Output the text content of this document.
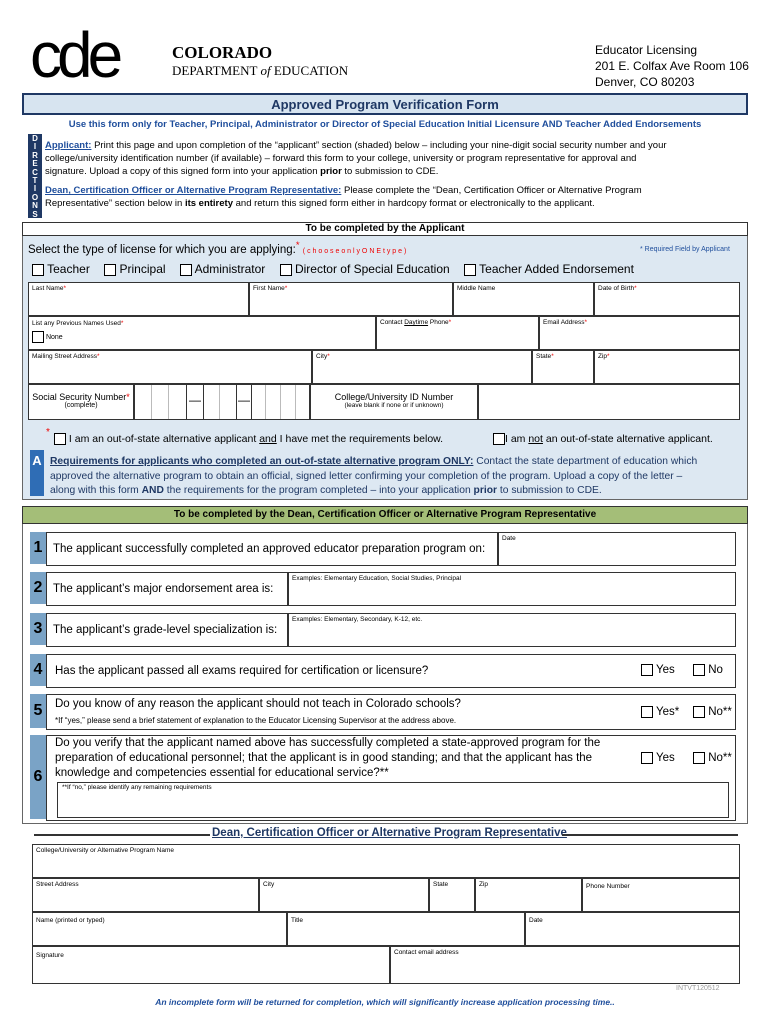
cde	COLORADO
DEPARTMENT of EDUCATION
Educator Licensing
201 E. Colfax Ave Room 106
Denver, CO 80203
Approved Program Verification Form
Use this form only for Teacher, Principal, Administrator or Director of Special Education Initial Licensure AND Teacher Added Endorsements
D
I
R
E
C
T
I
O
N
S
Applicant: Print this page and upon completion of the “applicant” section (shaded) below – including your nine-digit social security number and your
college/university identification number (if available) – forward this form to your college, university or program representative for approval and
signature. Upload a copy of this signed form into your application prior to submission to CDE.
Dean, Certification Officer or Alternative Program Representative: Please complete the “Dean, Certification Officer or Alternative Program
Representative” section below in its entirety and return this signed form either in hardcopy format or electronically to the applicant.
To be completed by the Applicant
Select the type of license for which you are applying:* ( c h o o s e o n l y O N E t y p e )	* Required Field by Applicant
Teacher Principal Administrator Director of Special Education Teacher Added Endorsement
Last Name*	First Name*	Middle Name	Date of Birth*
List any Previous Names Used*
None
Contact Daytime Phone*	Email Address*
Mailing Street Address*	City*	State*	Zip*
Social Security Number*
(complete)	—	—	College/University ID Number
(leave blank if none or if unknown)
*
I am an out-of-state alternative applicant and I have met the requirements below.	I am not an out-of-state alternative applicant.
A Requirements for applicants who completed an out-of-state alternative program ONLY: Contact the state department of education which
approved the alternative program to obtain an official, signed letter confirming your completion of the program. Upload a copy of the letter –
along with this form AND the requirements for the program completed – into your application prior to submission to CDE.
To be completed by the Dean, Certification Officer or Alternative Program Representative
1 The applicant successfully completed an approved educator preparation program on:
Date
2 The applicant’s major endorsement area is:
Examples: Elementary Education, Social Studies, Principal
3 The applicant’s grade-level specialization is:
Examples: Elementary, Secondary, K-12, etc.
4	Has the applicant passed all exams required for certification or licensure?	Yes	No
5	Do you know of any reason the applicant should not teach in Colorado schools?
*If “yes,” please send a brief statement of explanation to the Educator Licensing Supervisor at the address above.
Yes*	No**
6
Do you verify that the applicant named above has successfully completed a state-approved program for the
preparation of educational personnel; that the applicant is in good standing; and that the applicant has the
knowledge and competencies essential for educational service?**
Yes	No**
**If “no,” please identify any remaining requirements
Dean, Certification Officer or Alternative Program Representative
College/University or Alternative Program Name
Street Address	City	State	Zip	Phone Number
Name (printed or typed)	Title	Date
Signature	Contact email address
INTVT120512
An incomplete form will be returned for completion, which will significantly increase application processing time..
